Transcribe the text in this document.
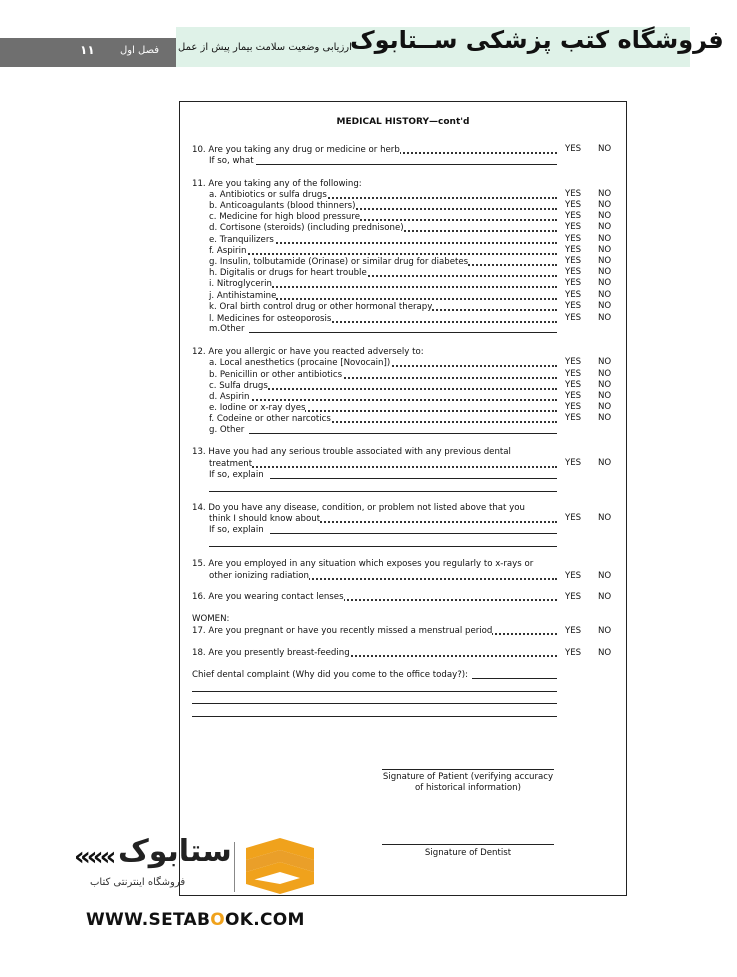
۱۱	فصل اول ارزیابی وضعیت سلامت بیمار پیش از عمل
فروشگاه کتب پزشکی ســتابوک
MEDICAL HISTORY—cont'd
10. Are you taking any drug or medicine or herb	YES NO
If so, what
11. Are you taking any of the following:
a. Antibiotics or sulfa drugs	YES NO
b. Anticoagulants (blood thinners)	YES NO
c. Medicine for high blood pressure	YES NO
d. Cortisone (steroids) (including prednisone)	YES NO
e. Tranquilizers	YES NO
f. Aspirin	YES NO
g. Insulin, tolbutamide (Orinase) or similar drug for diabetes	YES NO
h. Digitalis or drugs for heart trouble	YES NO
i. Nitroglycerin	YES NO
j. Antihistamine	YES NO
k. Oral birth control drug or other hormonal therapy	YES NO
l. Medicines for osteoporosis	YES NO
m.Other
12. Are you allergic or have you reacted adversely to:
a. Local anesthetics (procaine [Novocain])	YES NO
b. Penicillin or other antibiotics	YES NO
c. Sulfa drugs	YES NO
d. Aspirin	YES NO
e. Iodine or x-ray dyes	YES NO
f. Codeine or other narcotics	YES NO
g. Other
13. Have you had any serious trouble associated with any previous dental
treatment	YES NO
If so, explain
14. Do you have any disease, condition, or problem not listed above that you
think I should know about	YES NO
If so, explain
15. Are you employed in any situation which exposes you regularly to x-rays or
other ionizing radiation	YES NO
16. Are you wearing contact lenses	YES NO
WOMEN:
17. Are you pregnant or have you recently missed a menstrual period	YES NO
18. Are you presently breast-feeding	YES NO
Chief dental complaint (Why did you come to the office today?):
Signature of Patient (verifying accuracy
of historical information)
Signature of Dentist
««« ستابوک
فروشگاه اینترنتی کتاب
WWW.SETABOOK.COM
